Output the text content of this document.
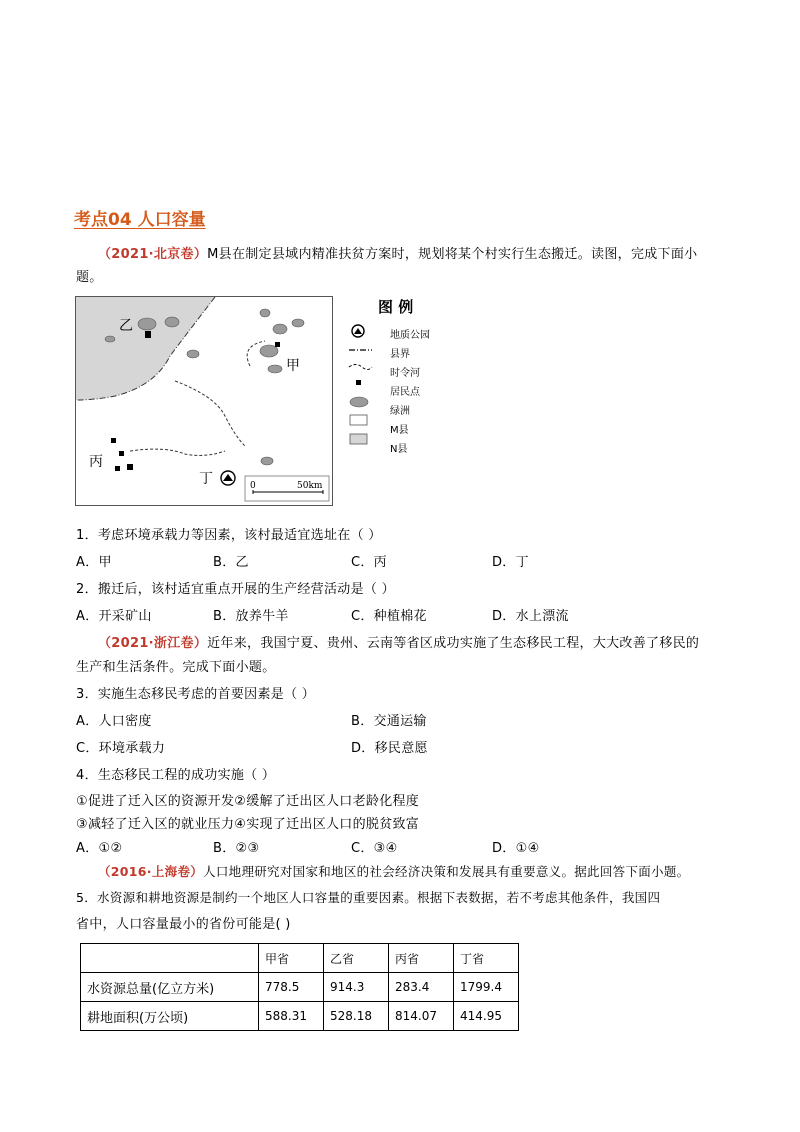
考点04 人口容量
（2021·北京卷）M县在制定县域内精准扶贫方案时，规划将某个村实行生态搬迁。读图，完成下面小
题。
乙
甲
丙
丁	0	50km
图 例
地质公园
县界
时令河
居民点
绿洲
M县
N县
1．考虑环境承载力等因素，该村最适宜选址在（ ）
A．甲	B．乙	C．丙	D．丁
2．搬迁后，该村适宜重点开展的生产经营活动是（ ）
A．开采矿山	B．放养牛羊	C．种植棉花	D．水上漂流
（2021·浙江卷）近年来，我国宁夏、贵州、云南等省区成功实施了生态移民工程，大大改善了移民的
生产和生活条件。完成下面小题。
3．实施生态移民考虑的首要因素是（ ）
A．人口密度	B．交通运输
C．环境承载力	D．移民意愿
4．生态移民工程的成功实施（ ）
①促进了迁入区的资源开发②缓解了迁出区人口老龄化程度
③减轻了迁入区的就业压力④实现了迁出区人口的脱贫致富
A．①②	B．②③	C．③④	D．①④
（2016·上海卷）人口地理研究对国家和地区的社会经济决策和发展具有重要意义。据此回答下面小题。
5．水资源和耕地资源是制约一个地区人口容量的重要因素。根据下表数据，若不考虑其他条件，我国四
省中，人口容量最小的省份可能是( )
	甲省	乙省	丙省	丁省
水资源总量(亿立方米)	778.5	914.3	283.4	1799.4
耕地面积(万公顷)	588.31	528.18	814.07	414.95
